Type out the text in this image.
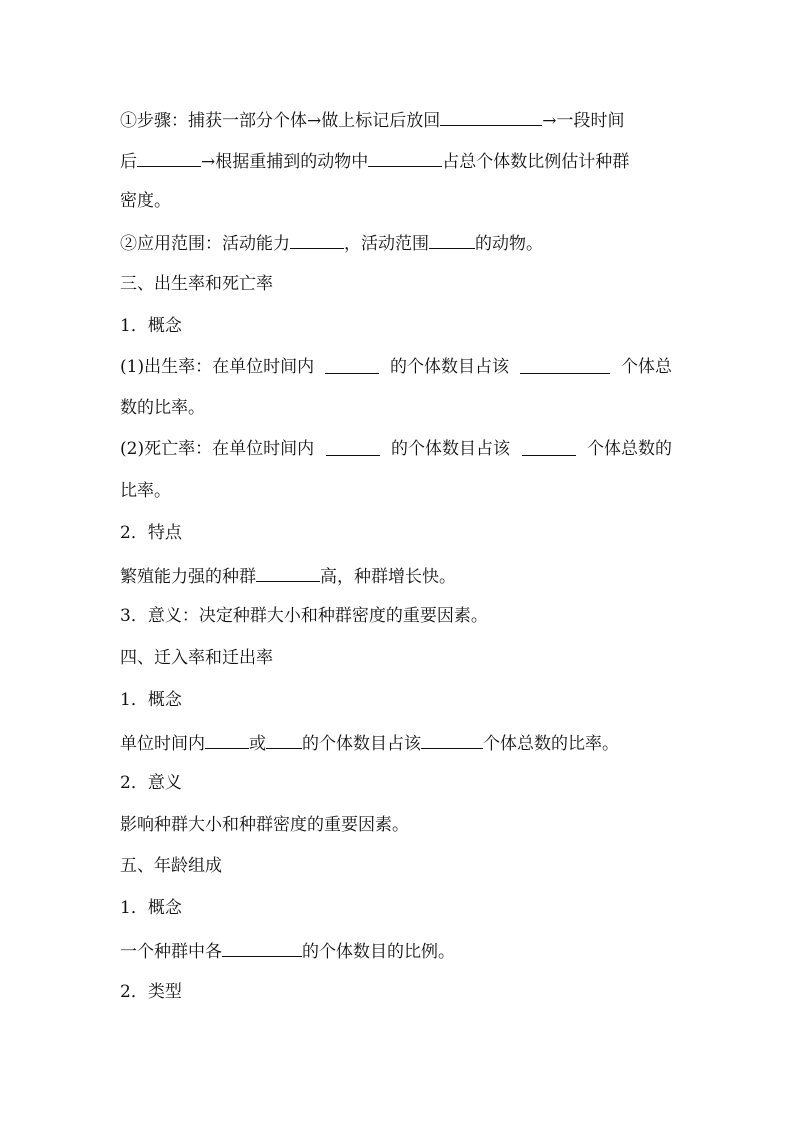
①步骤：捕获一部分个体→做上标记后放回	→一段时间
后	→根据重捕到的动物中	占总个体数比例估计种群
密度。
②应用范围：活动能力	，活动范围	的动物。
三、出生率和死亡率
1．概念
(1)出生率：在单位时间内	的个体数目占该	个体总
数的比率。
(2)死亡率：在单位时间内	的个体数目占该	个体总数的
比率。
2．特点
繁殖能力强的种群	高，种群增长快。
3．意义：决定种群大小和种群密度的重要因素。
四、迁入率和迁出率
1．概念
单位时间内	或 的个体数目占该	个体总数的比率。
2．意义
影响种群大小和种群密度的重要因素。
五、年龄组成
1．概念
一个种群中各	的个体数目的比例。
2．类型
